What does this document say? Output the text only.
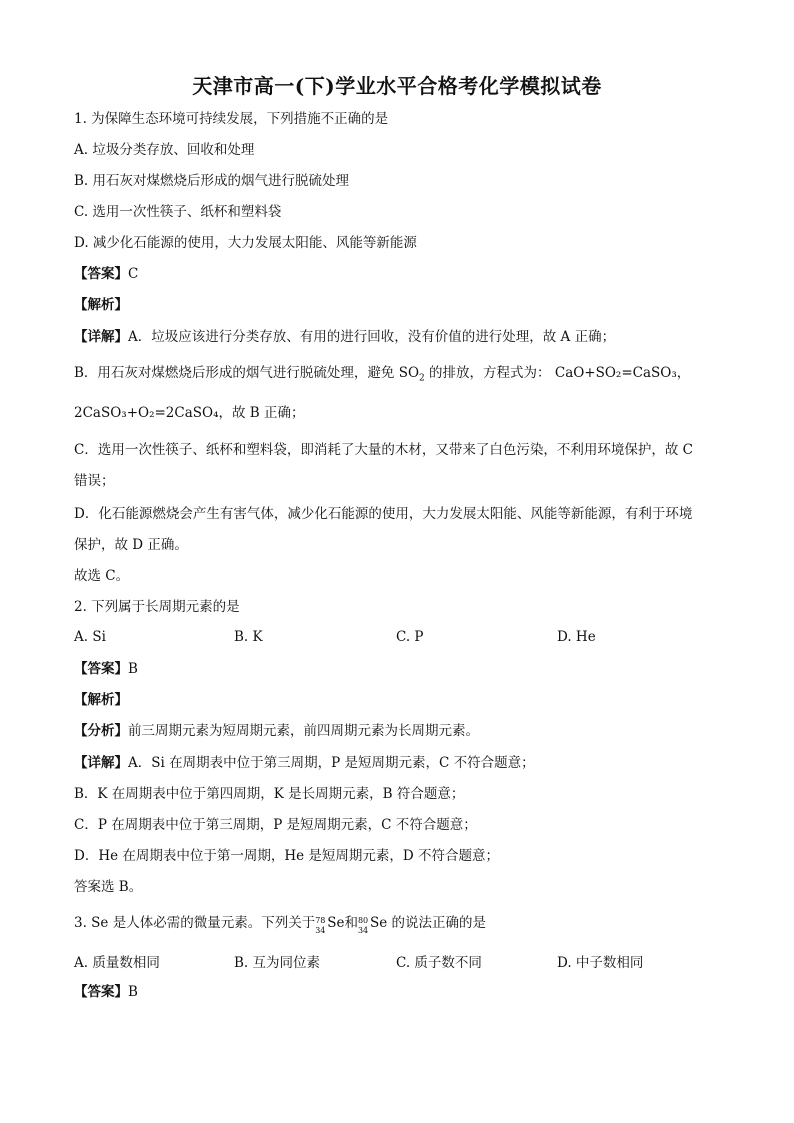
天津市高一(下)学业水平合格考化学模拟试卷
1. 为保障生态环境可持续发展，下列措施不正确的是
A. 垃圾分类存放、回收和处理
B. 用石灰对煤燃烧后形成的烟气进行脱硫处理
C. 选用一次性筷子、纸杯和塑料袋
D. 减少化石能源的使用，大力发展太阳能、风能等新能源
【答案】C
【解析】
【详解】A．垃圾应该进行分类存放、有用的进行回收，没有价值的进行处理，故 A 正确；
B．用石灰对煤燃烧后形成的烟气进行脱硫处理，避免 $SO_2$ 的排放，方程式为： CaO+SO₂=CaSO₃，
2CaSO₃+O₂=2CaSO₄，故 B 正确；
C．选用一次性筷子、纸杯和塑料袋，即消耗了大量的木材，又带来了白色污染，不利用环境保护，故 C
错误；
D．化石能源燃烧会产生有害气体，减少化石能源的使用，大力发展太阳能、风能等新能源，有利于环境
保护，故 D 正确。
故选 C。
2. 下列属于长周期元素的是
A. Si	B. K	C. P	D. He
【答案】B
【解析】
【分析】前三周期元素为短周期元素，前四周期元素为长周期元素。
【详解】A．Si 在周期表中位于第三周期，P 是短周期元素，C 不符合题意；
B．K 在周期表中位于第四周期，K 是长周期元素，B 符合题意；
C．P 在周期表中位于第三周期，P 是短周期元素，C 不符合题意；
D．He 在周期表中位于第一周期，He 是短周期元素，D 不符合题意；
答案选 B。
3. Se 是人体必需的微量元素。下列关于 78
34 Se和 80
34 Se 的说法正确的是
A. 质量数相同	B. 互为同位素	C. 质子数不同	D. 中子数相同
【答案】B
